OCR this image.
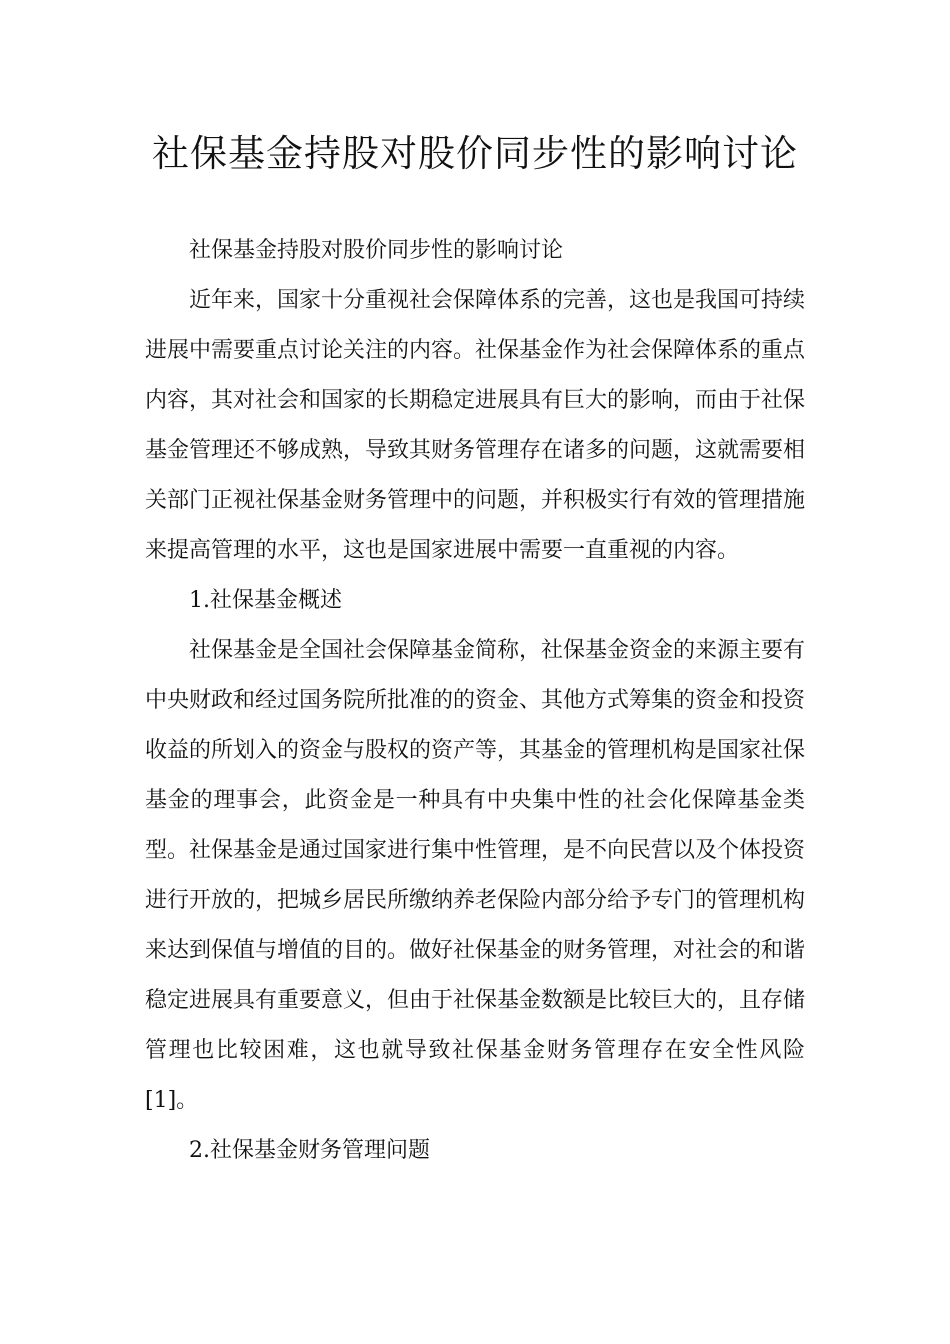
社保基金持股对股价同步性的影响讨论

社保基金持股对股价同步性的影响讨论

近年来，国家十分重视社会保障体系的完善，这也是我国可持续进展中需要重点讨论关注的内容。社保基金作为社会保障体系的重点内容，其对社会和国家的长期稳定进展具有巨大的影响，而由于社保基金管理还不够成熟，导致其财务管理存在诸多的问题，这就需要相关部门正视社保基金财务管理中的问题，并积极实行有效的管理措施来提高管理的水平，这也是国家进展中需要一直重视的内容。

1.社保基金概述

社保基金是全国社会保障基金简称，社保基金资金的来源主要有中央财政和经过国务院所批准的的资金、其他方式筹集的资金和投资收益的所划入的资金与股权的资产等，其基金的管理机构是国家社保基金的理事会，此资金是一种具有中央集中性的社会化保障基金类型。社保基金是通过国家进行集中性管理，是不向民营以及个体投资进行开放的，把城乡居民所缴纳养老保险内部分给予专门的管理机构来达到保值与增值的目的。做好社保基金的财务管理，对社会的和谐稳定进展具有重要意义，但由于社保基金数额是比较巨大的，且存储管理也比较困难，这也就导致社保基金财务管理存在安全性风险[1]。

2.社保基金财务管理问题
